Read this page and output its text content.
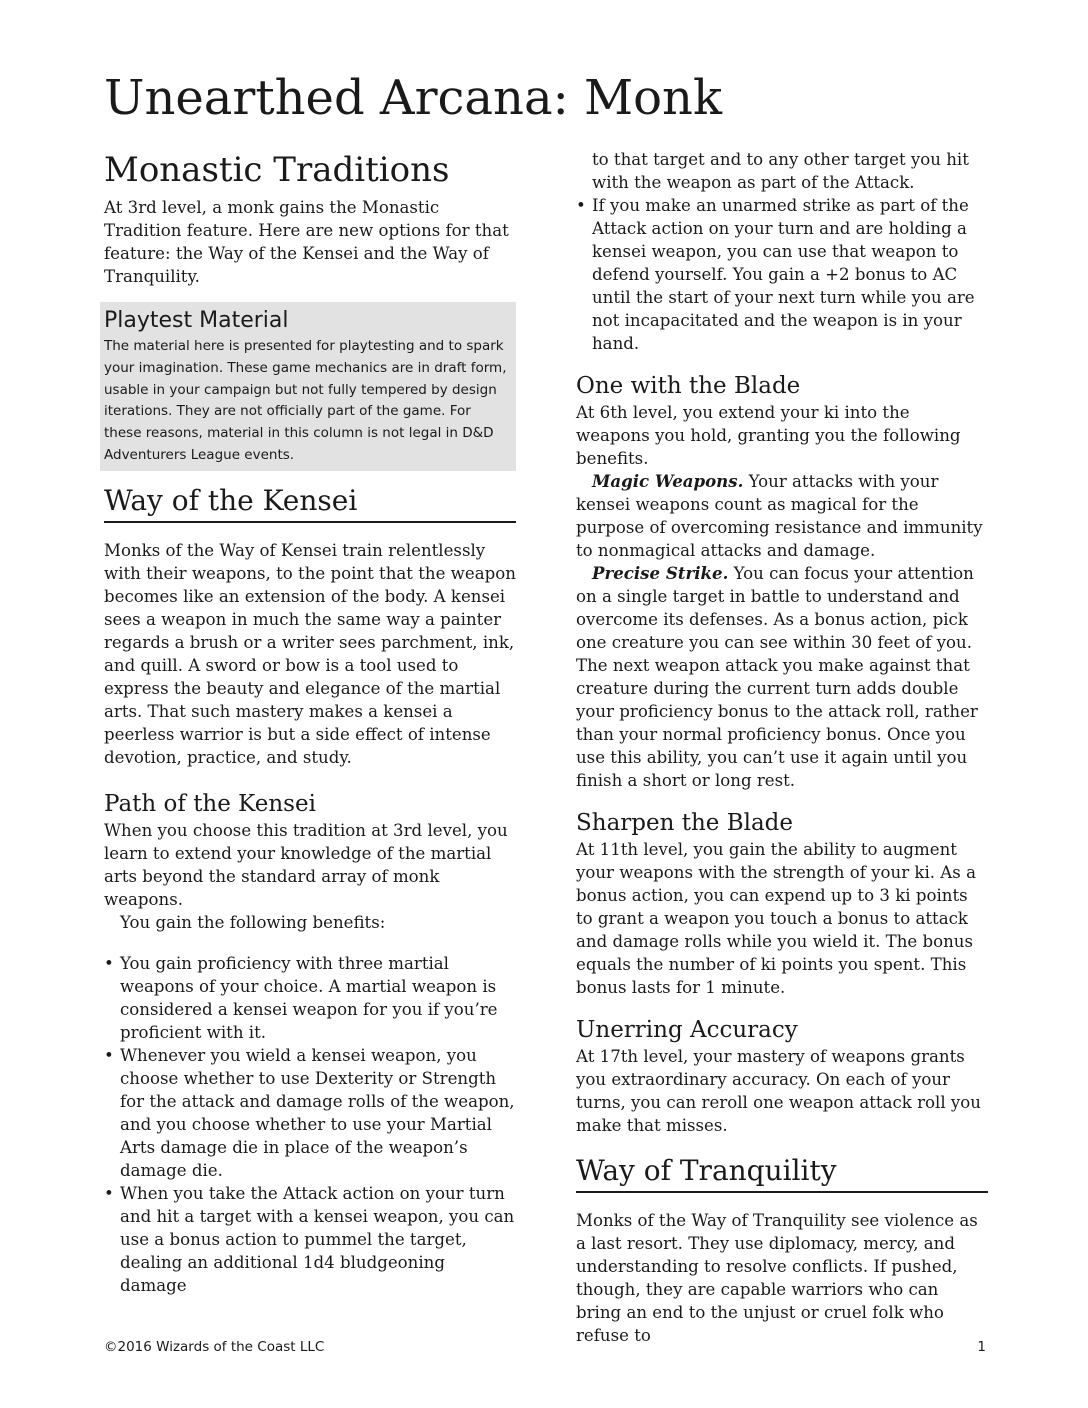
Unearthed Arcana: Monk
Monastic Traditions

At 3rd level, a monk gains the Monastic Tradition feature. Here are new options for that feature: the Way of the Kensei and the Way of Tranquility.

Playtest Material
The material here is presented for playtesting and to spark your imagination. These game mechanics are in draft form, usable in your campaign but not fully tempered by design iterations. They are not officially part of the game. For these reasons, material in this column is not legal in D&D Adventurers League events.
Way of the Kensei

Monks of the Way of Kensei train relentlessly with their weapons, to the point that the weapon becomes like an extension of the body. A kensei sees a weapon in much the same way a painter regards a brush or a writer sees parchment, ink, and quill. A sword or bow is a tool used to express the beauty and elegance of the martial arts. That such mastery makes a kensei a peerless warrior is but a side effect of intense devotion, practice, and study.

Path of the Kensei

When you choose this tradition at 3rd level, you learn to extend your knowledge of the martial arts beyond the standard array of monk weapons.

You gain the following benefits:

• You gain proficiency with three martial weapons of your choice. A martial weapon is considered a kensei weapon for you if you’re proficient with it.
• Whenever you wield a kensei weapon, you choose whether to use Dexterity or Strength for the attack and damage rolls of the weapon, and you choose whether to use your Martial Arts damage die in place of the weapon’s damage die.
• When you take the Attack action on your turn and hit a target with a kensei weapon, you can use a bonus action to pummel the target, dealing an additional 1d4 bludgeoning damage

to that target and to any other target you hit with the weapon as part of the Attack.

• If you make an unarmed strike as part of the Attack action on your turn and are holding a kensei weapon, you can use that weapon to defend yourself. You gain a +2 bonus to AC until the start of your next turn while you are not incapacitated and the weapon is in your hand.
One with the Blade

At 6th level, you extend your ki into the weapons you hold, granting you the following benefits.

Magic Weapons. Your attacks with your kensei weapons count as magical for the purpose of overcoming resistance and immunity to nonmagical attacks and damage.

Precise Strike. You can focus your attention on a single target in battle to understand and overcome its defenses. As a bonus action, pick one creature you can see within 30 feet of you. The next weapon attack you make against that creature during the current turn adds double your proficiency bonus to the attack roll, rather than your normal proficiency bonus. Once you use this ability, you can’t use it again until you finish a short or long rest.

Sharpen the Blade

At 11th level, you gain the ability to augment your weapons with the strength of your ki. As a bonus action, you can expend up to 3 ki points to grant a weapon you touch a bonus to attack and damage rolls while you wield it. The bonus equals the number of ki points you spent. This bonus lasts for 1 minute.

Unerring Accuracy

At 17th level, your mastery of weapons grants you extraordinary accuracy. On each of your turns, you can reroll one weapon attack roll you make that misses.

Way of Tranquility

Monks of the Way of Tranquility see violence as a last resort. They use diplomacy, mercy, and understanding to resolve conflicts. If pushed, though, they are capable warriors who can bring an end to the unjust or cruel folk who refuse to

©2016 Wizards of the Coast LLC	1
